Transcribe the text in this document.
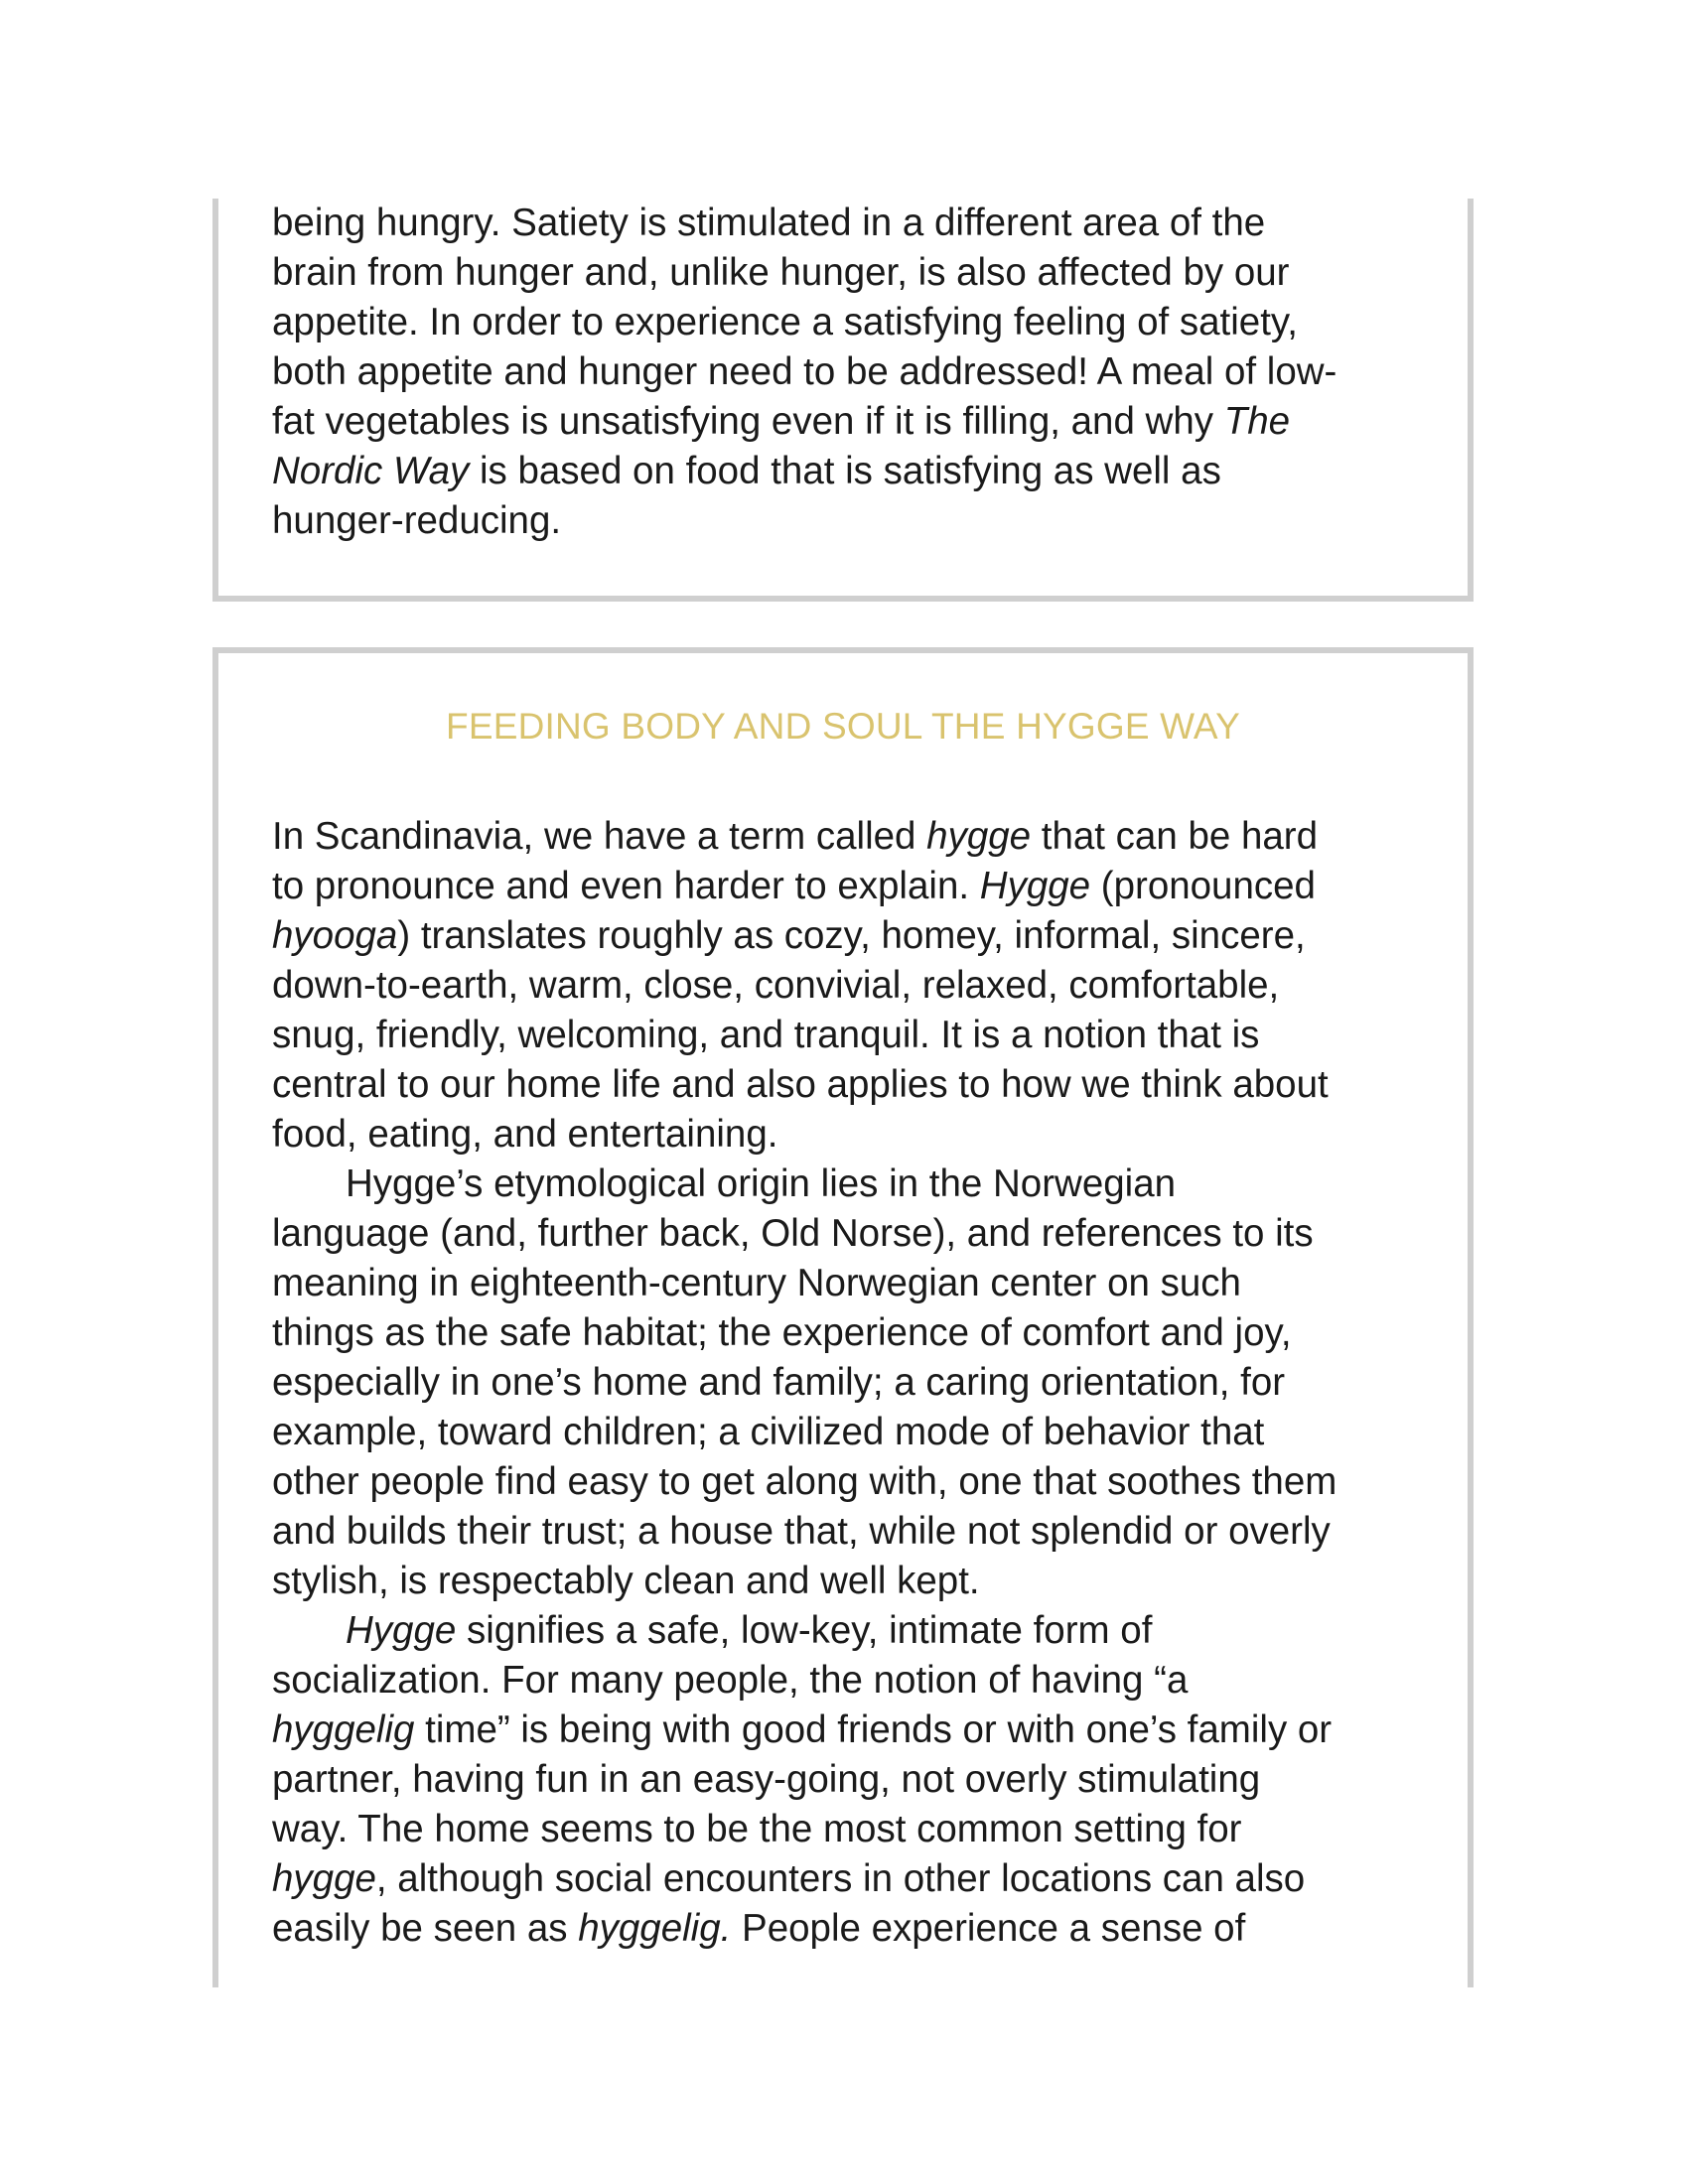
being hungry. Satiety is stimulated in a different area of the
brain from hunger and, unlike hunger, is also affected by our
appetite. In order to experience a satisfying feeling of satiety,
both appetite and hunger need to be addressed! A meal of low-
fat vegetables is unsatisfying even if it is filling, and why The
Nordic Way is based on food that is satisfying as well as
hunger-reducing.

FEEDING BODY AND SOUL THE HYGGE WAY

In Scandinavia, we have a term called hygge that can be hard
to pronounce and even harder to explain. Hygge (pronounced
hyooga) translates roughly as cozy, homey, informal, sincere,
down-to-earth, warm, close, convivial, relaxed, comfortable,
snug, friendly, welcoming, and tranquil. It is a notion that is
central to our home life and also applies to how we think about
food, eating, and entertaining.
Hygge’s etymological origin lies in the Norwegian
language (and, further back, Old Norse), and references to its
meaning in eighteenth-century Norwegian center on such
things as the safe habitat; the experience of comfort and joy,
especially in one’s home and family; a caring orientation, for
example, toward children; a civilized mode of behavior that
other people find easy to get along with, one that soothes them
and builds their trust; a house that, while not splendid or overly
stylish, is respectably clean and well kept.
Hygge signifies a safe, low-key, intimate form of
socialization. For many people, the notion of having “a
hyggelig time” is being with good friends or with one’s family or
partner, having fun in an easy-going, not overly stimulating
way. The home seems to be the most common setting for
hygge, although social encounters in other locations can also
easily be seen as hyggelig. People experience a sense of
